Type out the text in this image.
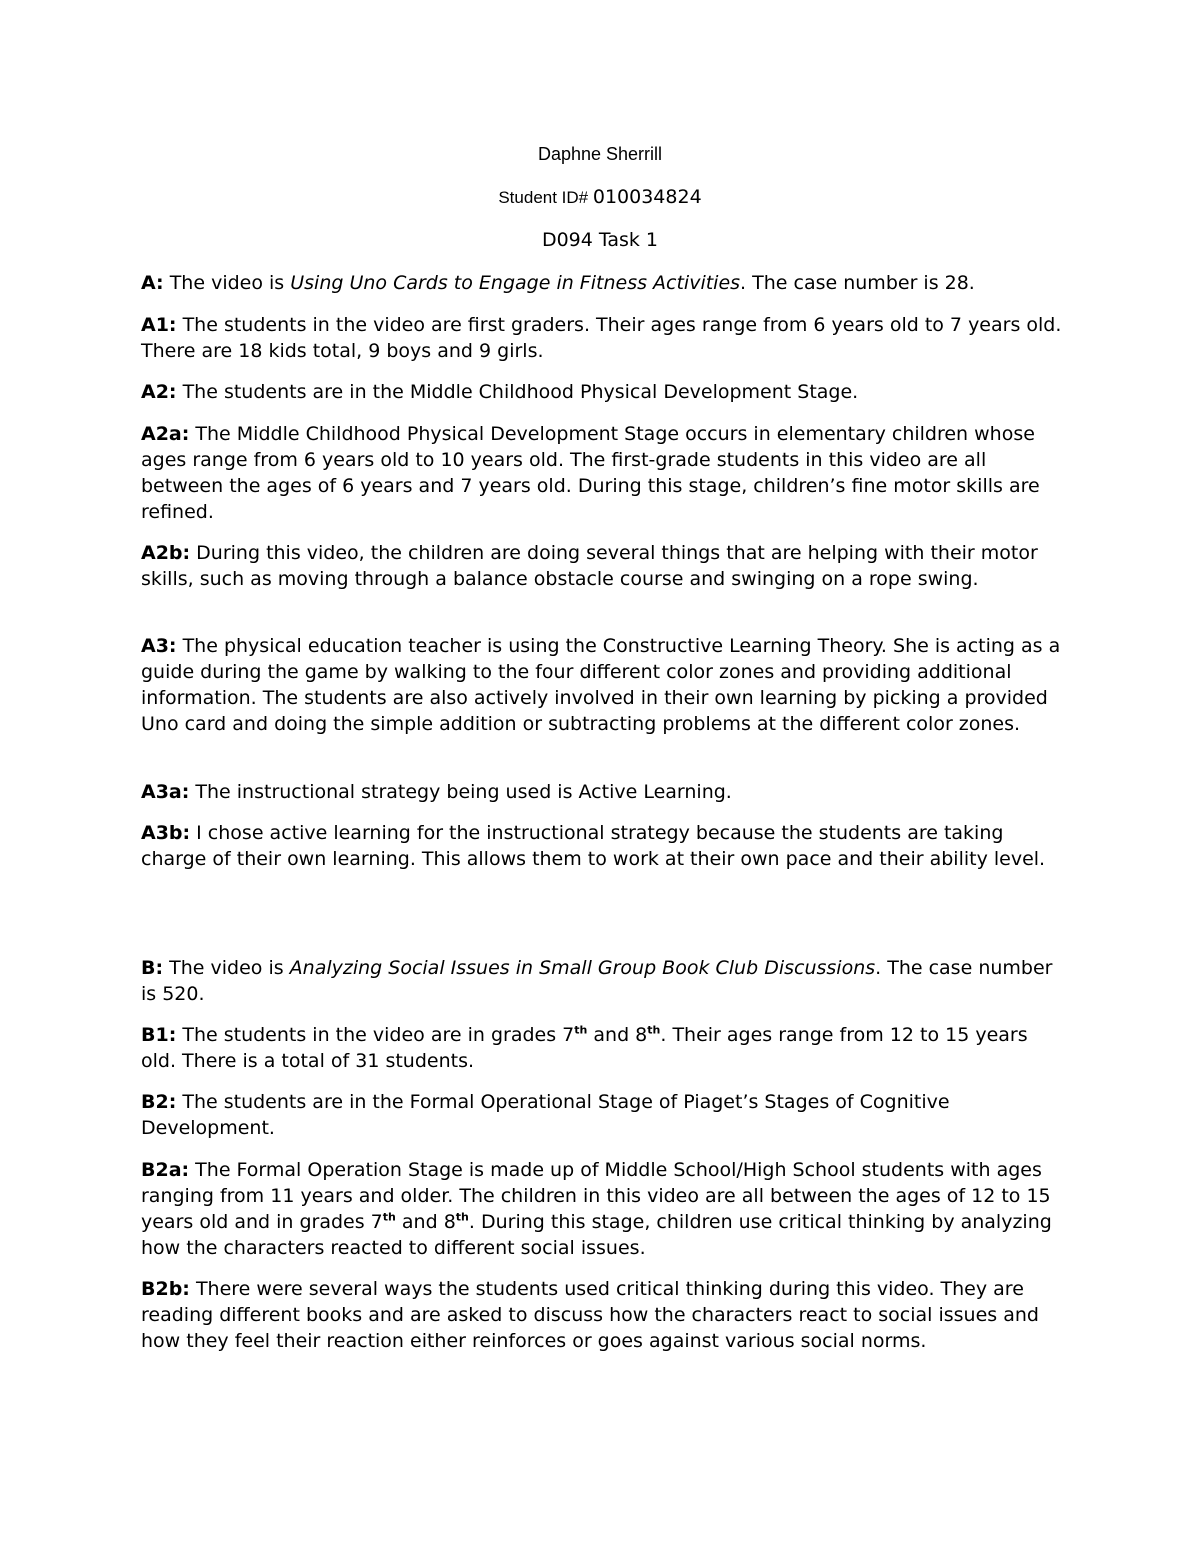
Daphne Sherrill
Student ID# 010034824
D094 Task 1

A: The video is Using Uno Cards to Engage in Fitness Activities. The case number is 28.

A1: The students in the video are first graders. Their ages range from 6 years old to 7 years old. There are 18 kids total, 9 boys and 9 girls.

A2: The students are in the Middle Childhood Physical Development Stage.

A2a: The Middle Childhood Physical Development Stage occurs in elementary children whose ages range from 6 years old to 10 years old. The first-grade students in this video are all between the ages of 6 years and 7 years old. During this stage, children’s fine motor skills are refined.

A2b: During this video, the children are doing several things that are helping with their motor skills, such as moving through a balance obstacle course and swinging on a rope swing.

A3: The physical education teacher is using the Constructive Learning Theory. She is acting as a guide during the game by walking to the four different color zones and providing additional information. The students are also actively involved in their own learning by picking a provided Uno card and doing the simple addition or subtracting problems at the different color zones.

A3a: The instructional strategy being used is Active Learning.

A3b: I chose active learning for the instructional strategy because the students are taking charge of their own learning. This allows them to work at their own pace and their ability level.

B: The video is Analyzing Social Issues in Small Group Book Club Discussions. The case number is 520.

B1: The students in the video are in grades 7th and 8th. Their ages range from 12 to 15 years old. There is a total of 31 students.

B2: The students are in the Formal Operational Stage of Piaget’s Stages of Cognitive Development.

B2a: The Formal Operation Stage is made up of Middle School/High School students with ages ranging from 11 years and older. The children in this video are all between the ages of 12 to 15 years old and in grades 7th and 8th. During this stage, children use critical thinking by analyzing how the characters reacted to different social issues.

B2b: There were several ways the students used critical thinking during this video. They are reading different books and are asked to discuss how the characters react to social issues and how they feel their reaction either reinforces or goes against various social norms.
